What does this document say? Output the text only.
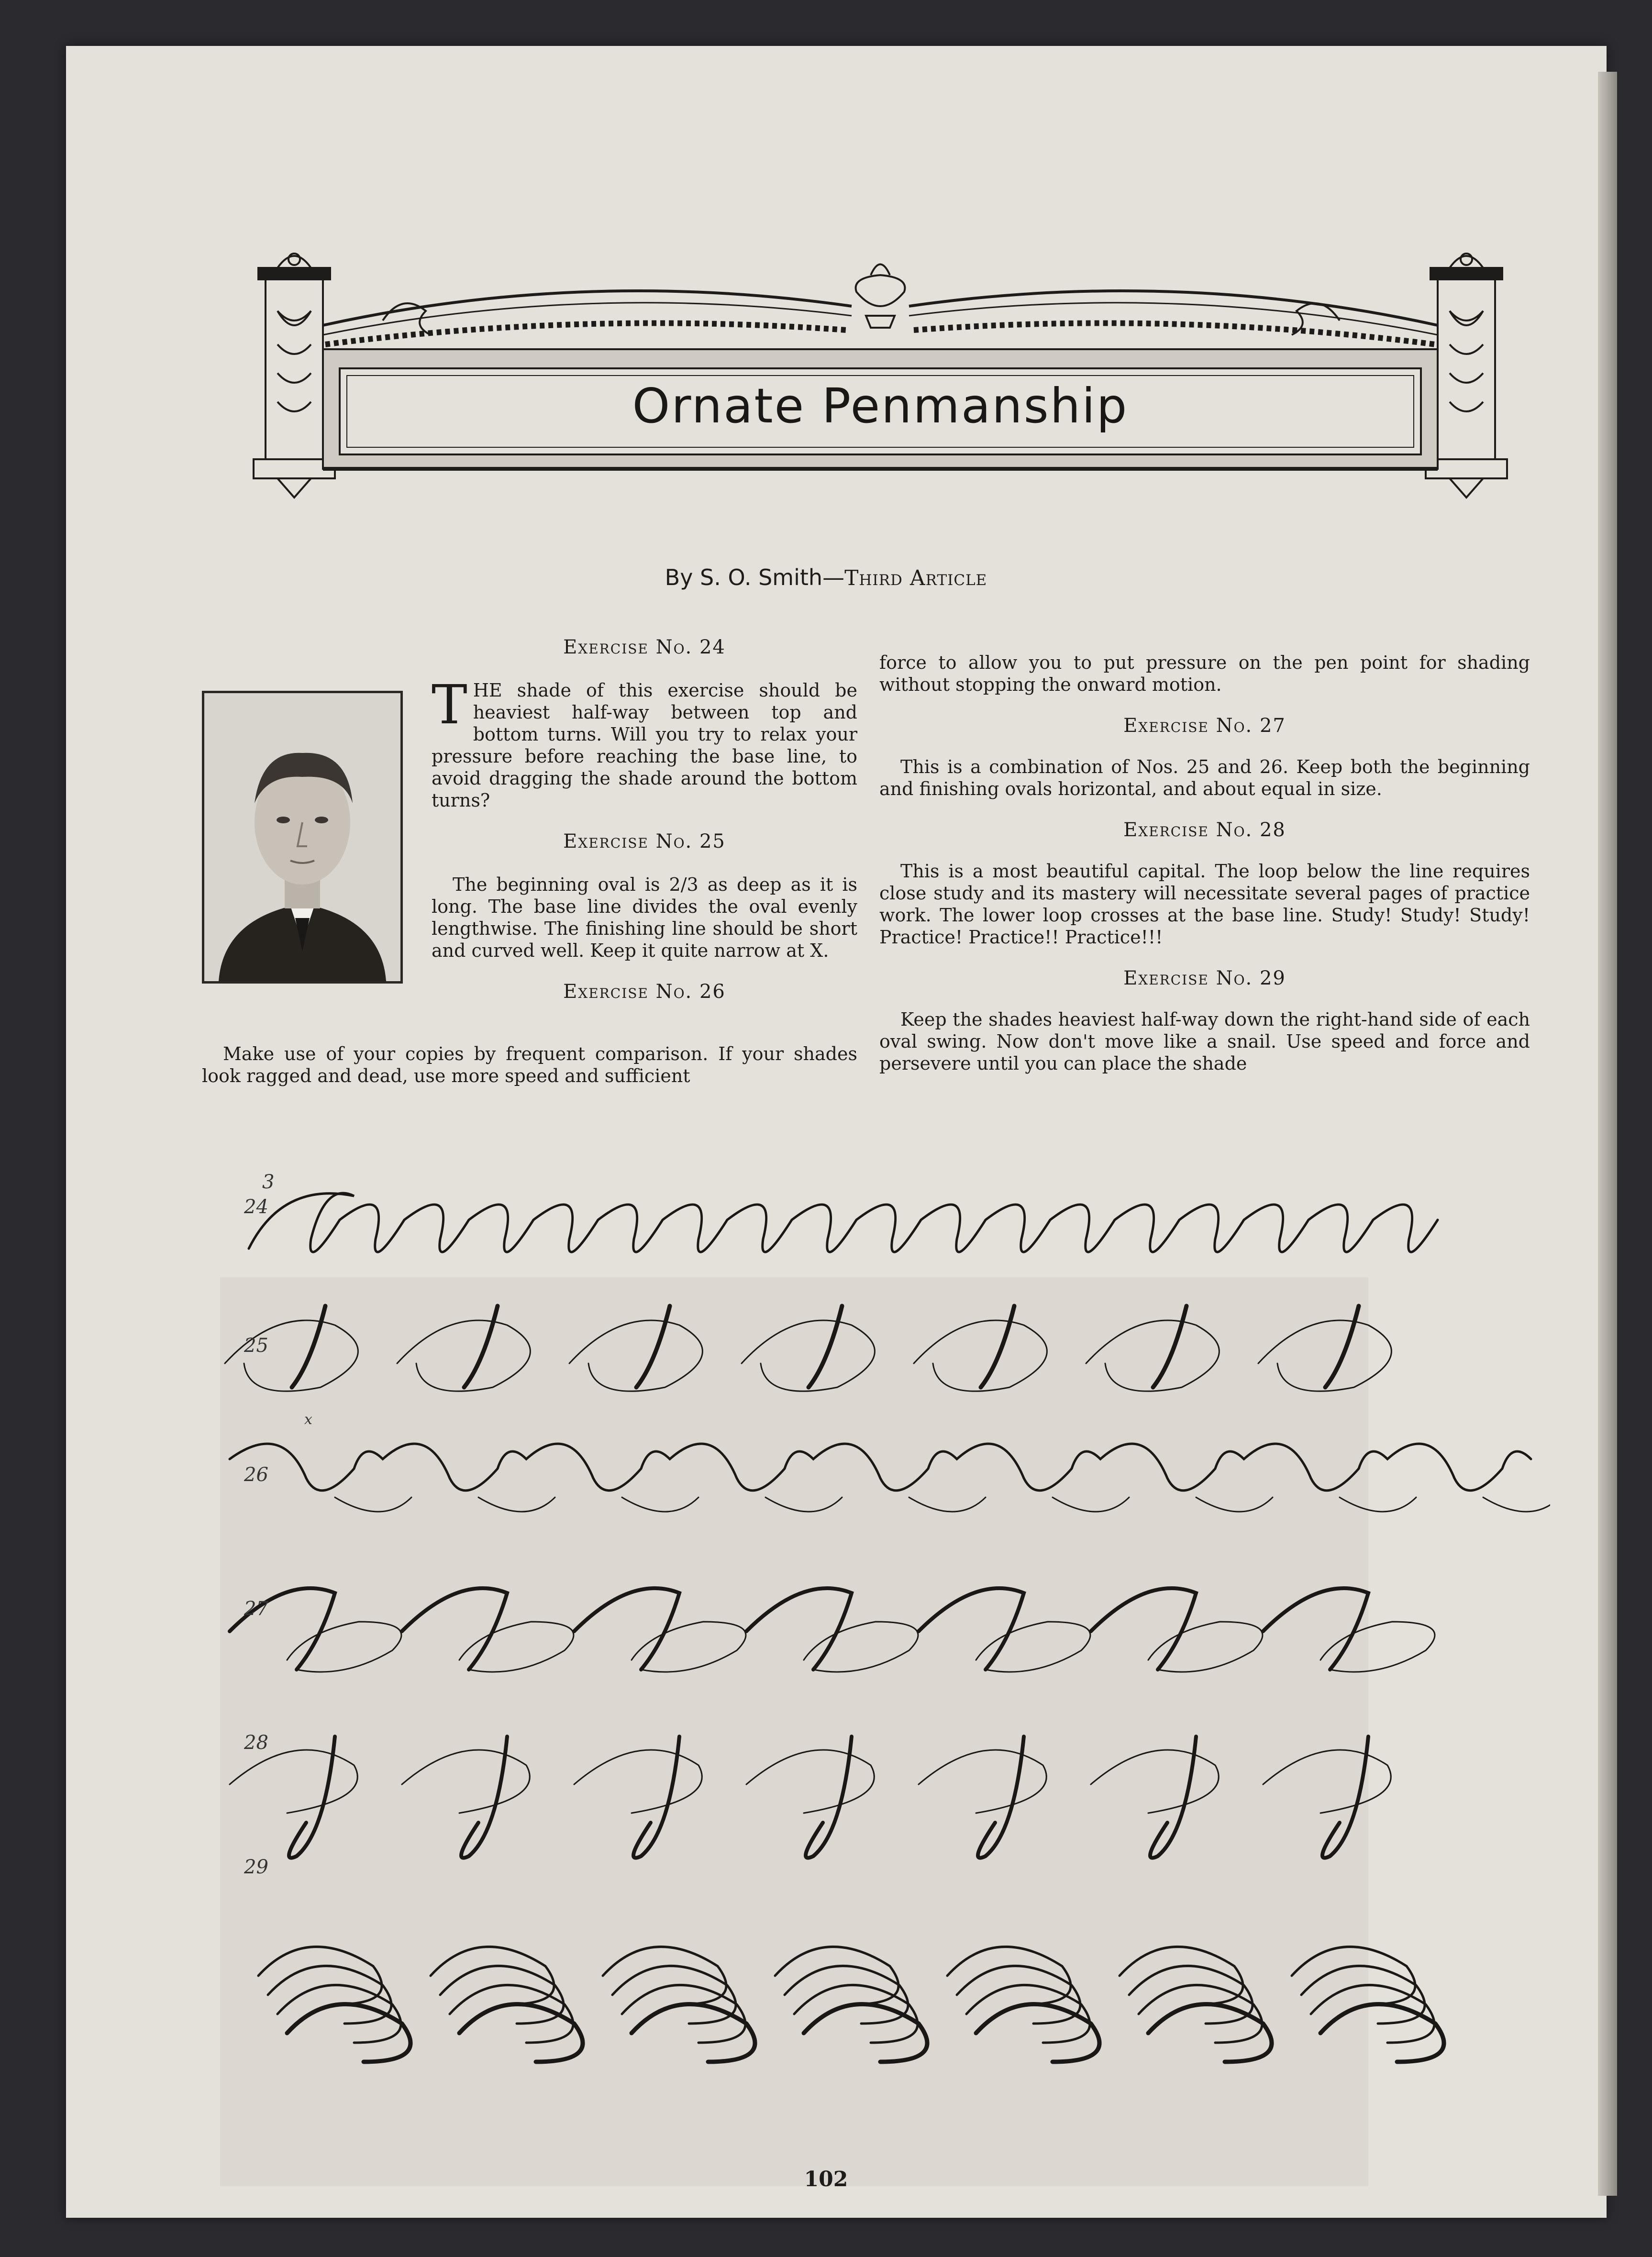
Ornate Penmanship
By S. O. Smith—Third Article

Exercise No. 24

T HE shade of this exercise should be heaviest half-way between top and bottom turns. Will you try to relax your pressure before reaching the base line, to avoid dragging the shade around the bottom turns?

Exercise No. 25

The beginning oval is 2/3 as deep as it is long. The base line divides the oval evenly lengthwise. The finishing line should be short and curved well. Keep it quite narrow at X.

Exercise No. 26

Make use of your copies by frequent comparison. If your shades look ragged and dead, use more speed and sufficient

force to allow you to put pressure on the pen point for shading without stopping the onward motion.

Exercise No. 27

This is a combination of Nos. 25 and 26. Keep both the beginning and finishing ovals horizontal, and about equal in size.

Exercise No. 28

This is a most beautiful capital. The loop below the line requires close study and its mastery will necessitate several pages of practice work. The lower loop crosses at the base line. Study! Study! Study! Practice! Practice!! Practice!!!

Exercise No. 29

Keep the shades heaviest half-way down the right-hand side of each oval swing. Now don't move like a snail. Use speed and force and persevere until you can place the shade

3
24
25
x
26
27
28
29
102
